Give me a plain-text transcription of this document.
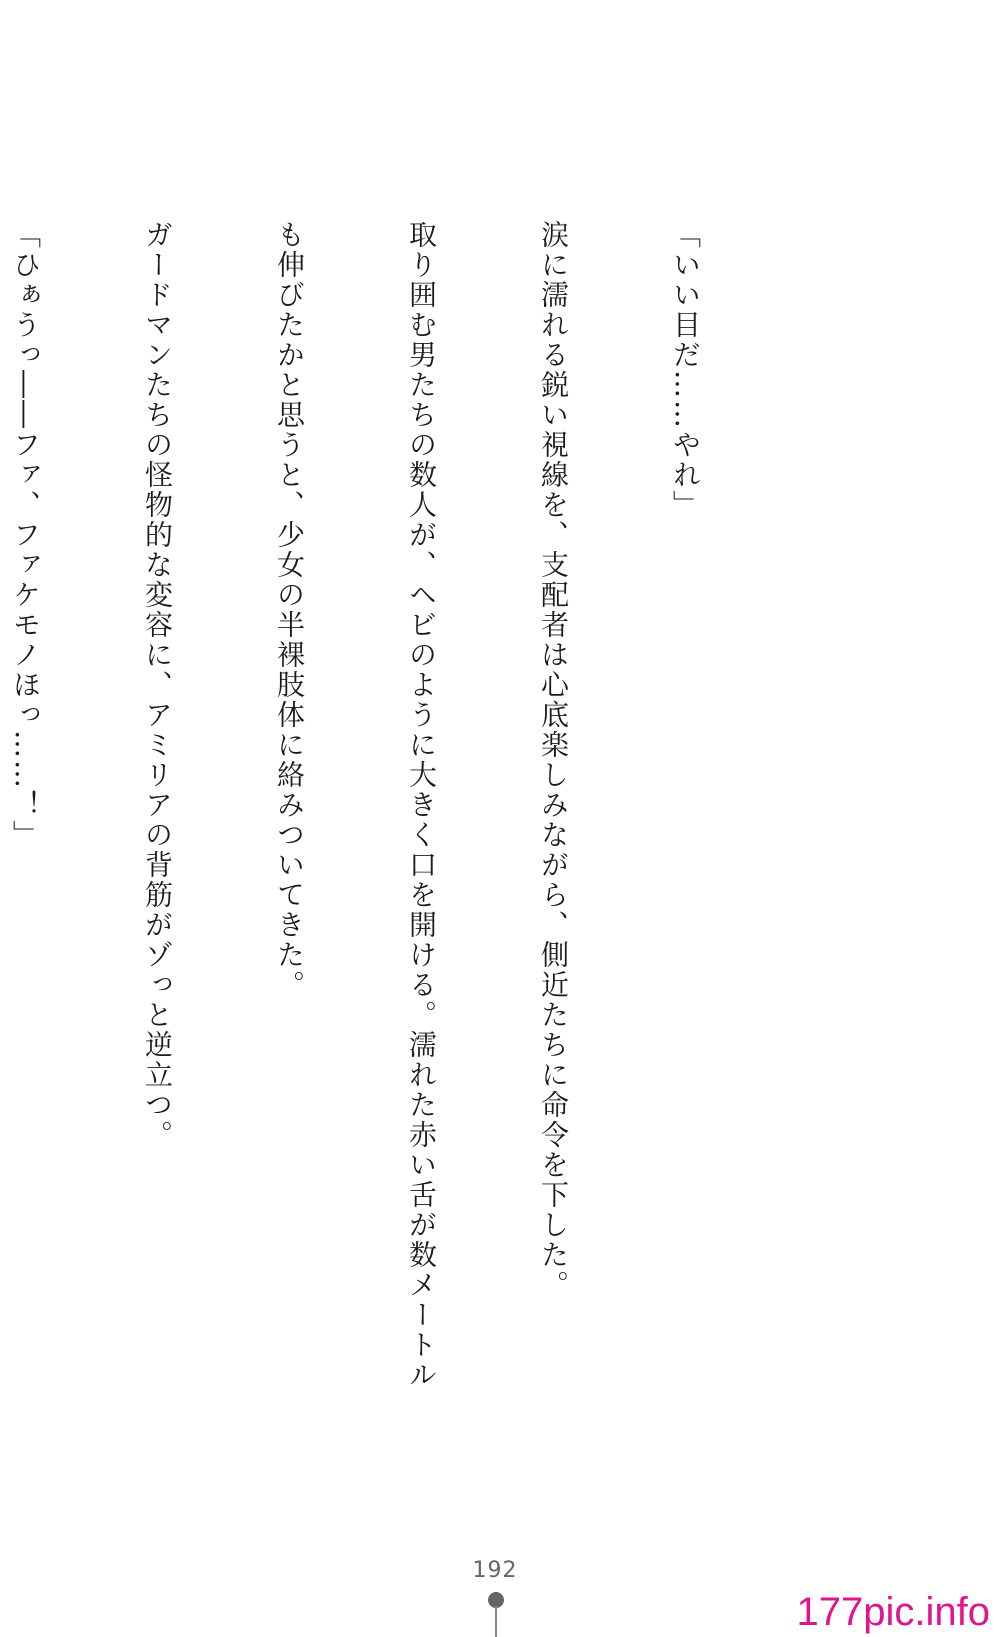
「いい目だ……やれ」

涙に濡れる鋭い視線を、支配者は心底楽しみながら、側近たちに命令を下した。

取り囲む男たちの数人が、ヘビのように大きく口を開ける。濡れた赤い舌が数メートル

も伸びたかと思うと、少女の半裸肢体に絡みついてきた。

ガードマンたちの怪物的な変容に、アミリアの背筋がゾっと逆立つ。

「ひぁうっ――ファ、ファケモノほっ……！」

192
177pic.info
